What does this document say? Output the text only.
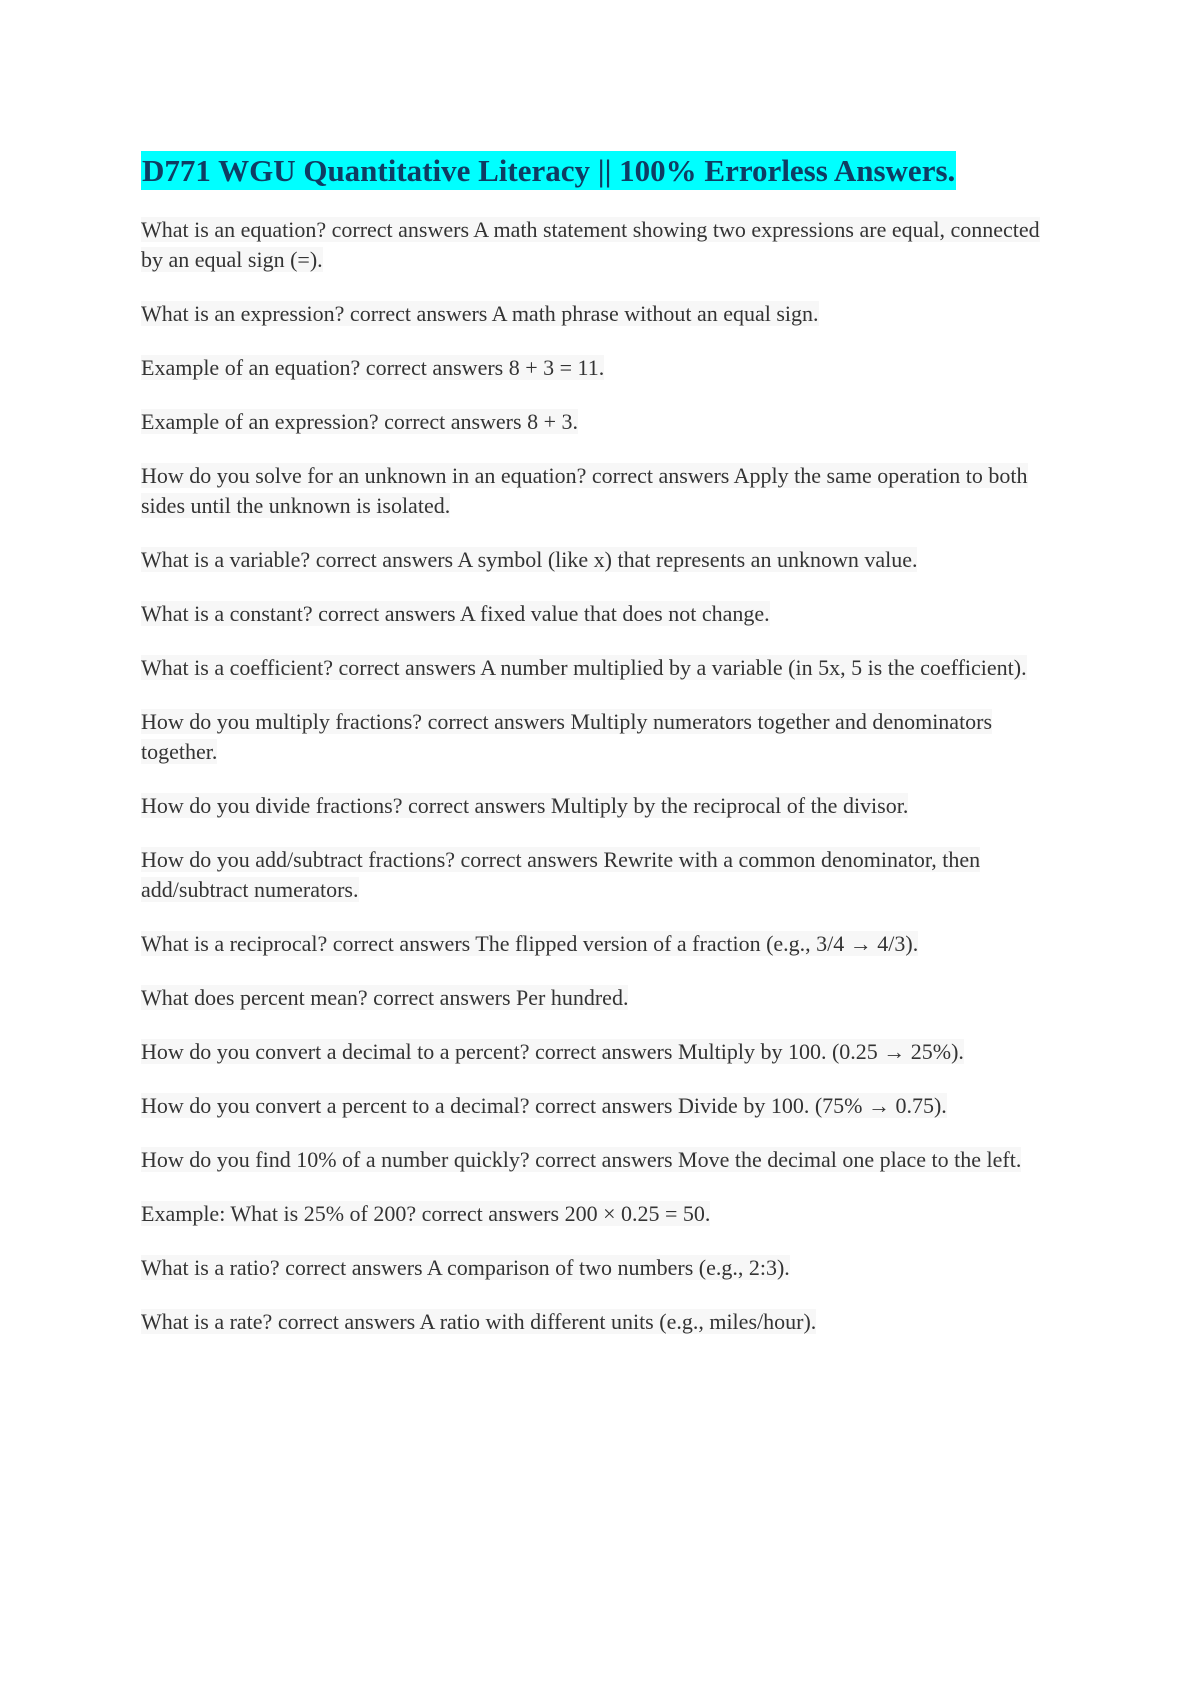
D771 WGU Quantitative Literacy || 100% Errorless Answers.
What is an equation? correct answers A math statement showing two expressions are equal, connected by an equal sign (=).
What is an expression? correct answers A math phrase without an equal sign.
Example of an equation? correct answers 8 + 3 = 11.
Example of an expression? correct answers 8 + 3.
How do you solve for an unknown in an equation? correct answers Apply the same operation to both sides until the unknown is isolated.
What is a variable? correct answers A symbol (like x) that represents an unknown value.
What is a constant? correct answers A fixed value that does not change.
What is a coefficient? correct answers A number multiplied by a variable (in 5x, 5 is the coefficient).
How do you multiply fractions? correct answers Multiply numerators together and denominators together.
How do you divide fractions? correct answers Multiply by the reciprocal of the divisor.
How do you add/subtract fractions? correct answers Rewrite with a common denominator, then add/subtract numerators.
What is a reciprocal? correct answers The flipped version of a fraction (e.g., 3/4 → 4/3).
What does percent mean? correct answers Per hundred.
How do you convert a decimal to a percent? correct answers Multiply by 100. (0.25 → 25%).
How do you convert a percent to a decimal? correct answers Divide by 100. (75% → 0.75).
How do you find 10% of a number quickly? correct answers Move the decimal one place to the left.
Example: What is 25% of 200? correct answers 200 × 0.25 = 50.
What is a ratio? correct answers A comparison of two numbers (e.g., 2:3).
What is a rate? correct answers A ratio with different units (e.g., miles/hour).
